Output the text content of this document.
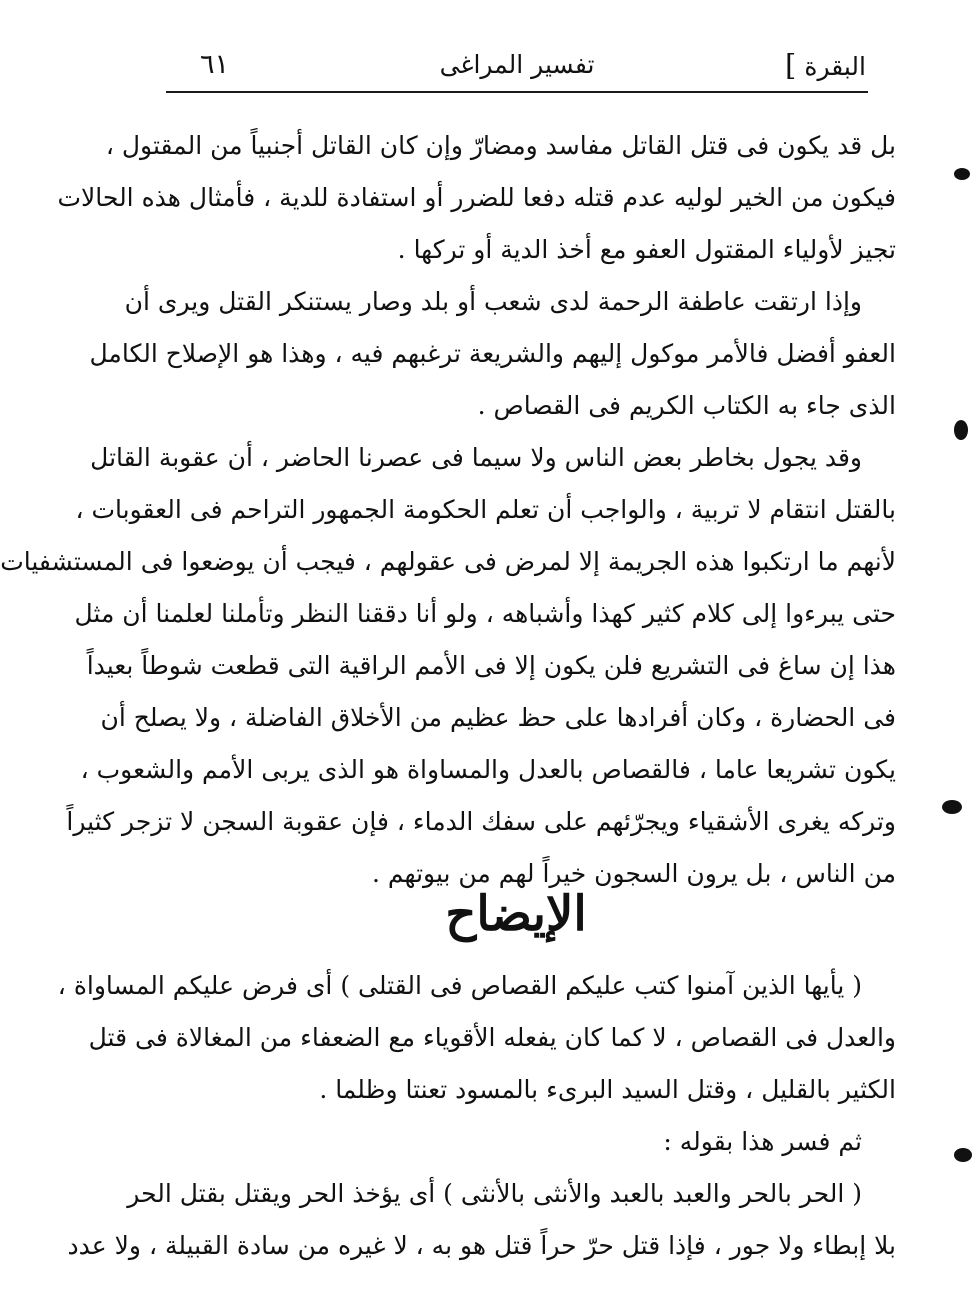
٦١	تفسير المراغى	البقرة]
بل قد يكون فى قتل القاتل مفاسد ومضارّ وإن كان القاتل أجنبياً من المقتول ،
فيكون من الخير لوليه عدم قتله دفعا للضرر أو استفادة للدية ، فأمثال هذه الحالات
تجيز لأولياء المقتول العفو مع أخذ الدية أو تركها .
وإذا ارتقت عاطفة الرحمة لدى شعب أو بلد وصار يستنكر القتل ويرى أن
العفو أفضل فالأمر موكول إليهم والشريعة ترغبهم فيه ، وهذا هو الإصلاح الكامل
الذى جاء به الكتاب الكريم فى القصاص .
وقد يجول بخاطر بعض الناس ولا سيما فى عصرنا الحاضر ، أن عقوبة القاتل
بالقتل انتقام لا تربية ، والواجب أن تعلم الحكومة الجمهور التراحم فى العقوبات ،
لأنهم ما ارتكبوا هذه الجريمة إلا لمرض فى عقولهم ، فيجب أن يوضعوا فى المستشفيات
حتى يبرءوا إلى كلام كثير كهذا وأشباهه ، ولو أنا دققنا النظر وتأملنا لعلمنا أن مثل
هذا إن ساغ فى التشريع فلن يكون إلا فى الأمم الراقية التى قطعت شوطاً بعيداً
فى الحضارة ، وكان أفرادها على حظ عظيم من الأخلاق الفاضلة ، ولا يصلح أن
يكون تشريعا عاما ، فالقصاص بالعدل والمساواة هو الذى يربى الأمم والشعوب ،
وتركه يغرى الأشقياء ويجرّئهم على سفك الدماء ، فإن عقوبة السجن لا تزجر كثيراً
من الناس ، بل يرون السجون خيراً لهم من بيوتهم .
الإيضاح
( يأيها الذين آمنوا كتب عليكم القصاص فى القتلى ) أى فرض عليكم المساواة ،
والعدل فى القصاص ، لا كما كان يفعله الأقوياء مع الضعفاء من المغالاة فى قتل
الكثير بالقليل ، وقتل السيد البرىء بالمسود تعنتا وظلما .
ثم فسر هذا بقوله :
( الحر بالحر والعبد بالعبد والأنثى بالأنثى ) أى يؤخذ الحر ويقتل بقتل الحر
بلا إبطاء ولا جور ، فإذا قتل حرّ حراً قتل هو به ، لا غيره من سادة القبيلة ، ولا عدد
